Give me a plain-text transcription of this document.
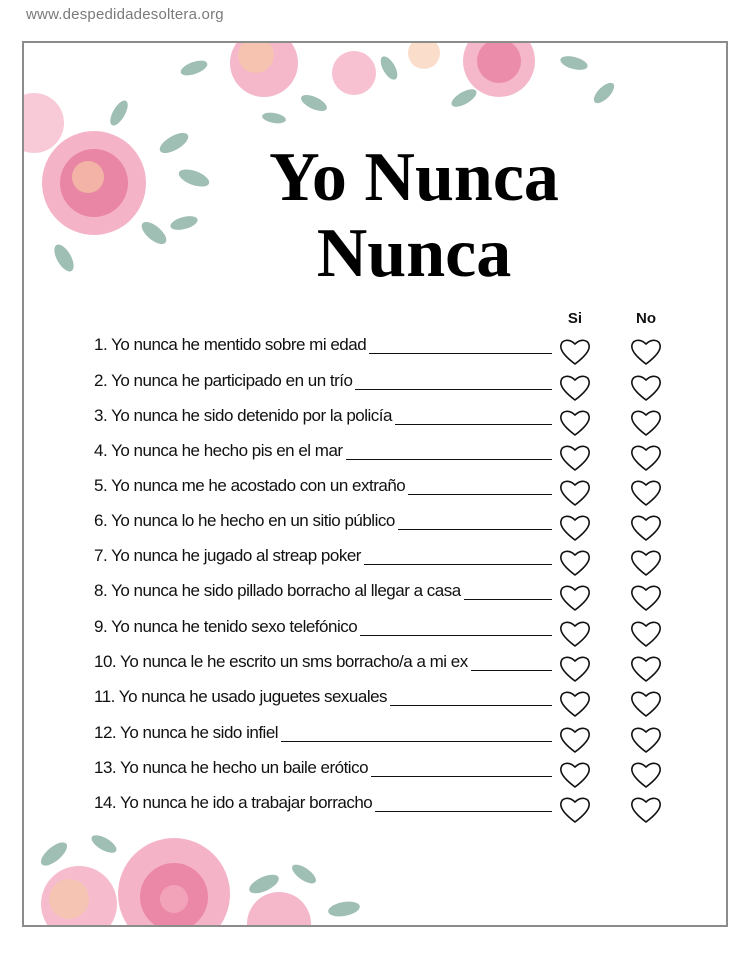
www.despedidadesoltera.org
Yo Nunca
Nunca
Si	No
1. Yo nunca he mentido sobre mi edad
2. Yo nunca he participado en un trío
3. Yo nunca he sido detenido por la policía
4. Yo nunca he hecho pis en el mar
5. Yo nunca me he acostado con un extraño
6. Yo nunca lo he hecho en un sitio público
7. Yo nunca he jugado al streap poker
8. Yo nunca he sido pillado borracho al llegar a casa
9. Yo nunca he tenido sexo telefónico
10. Yo nunca le he escrito un sms borracho/a a mi ex
11. Yo nunca he usado juguetes sexuales
12. Yo nunca he sido infiel
13. Yo nunca he hecho un baile erótico
14. Yo nunca he ido a trabajar borracho
